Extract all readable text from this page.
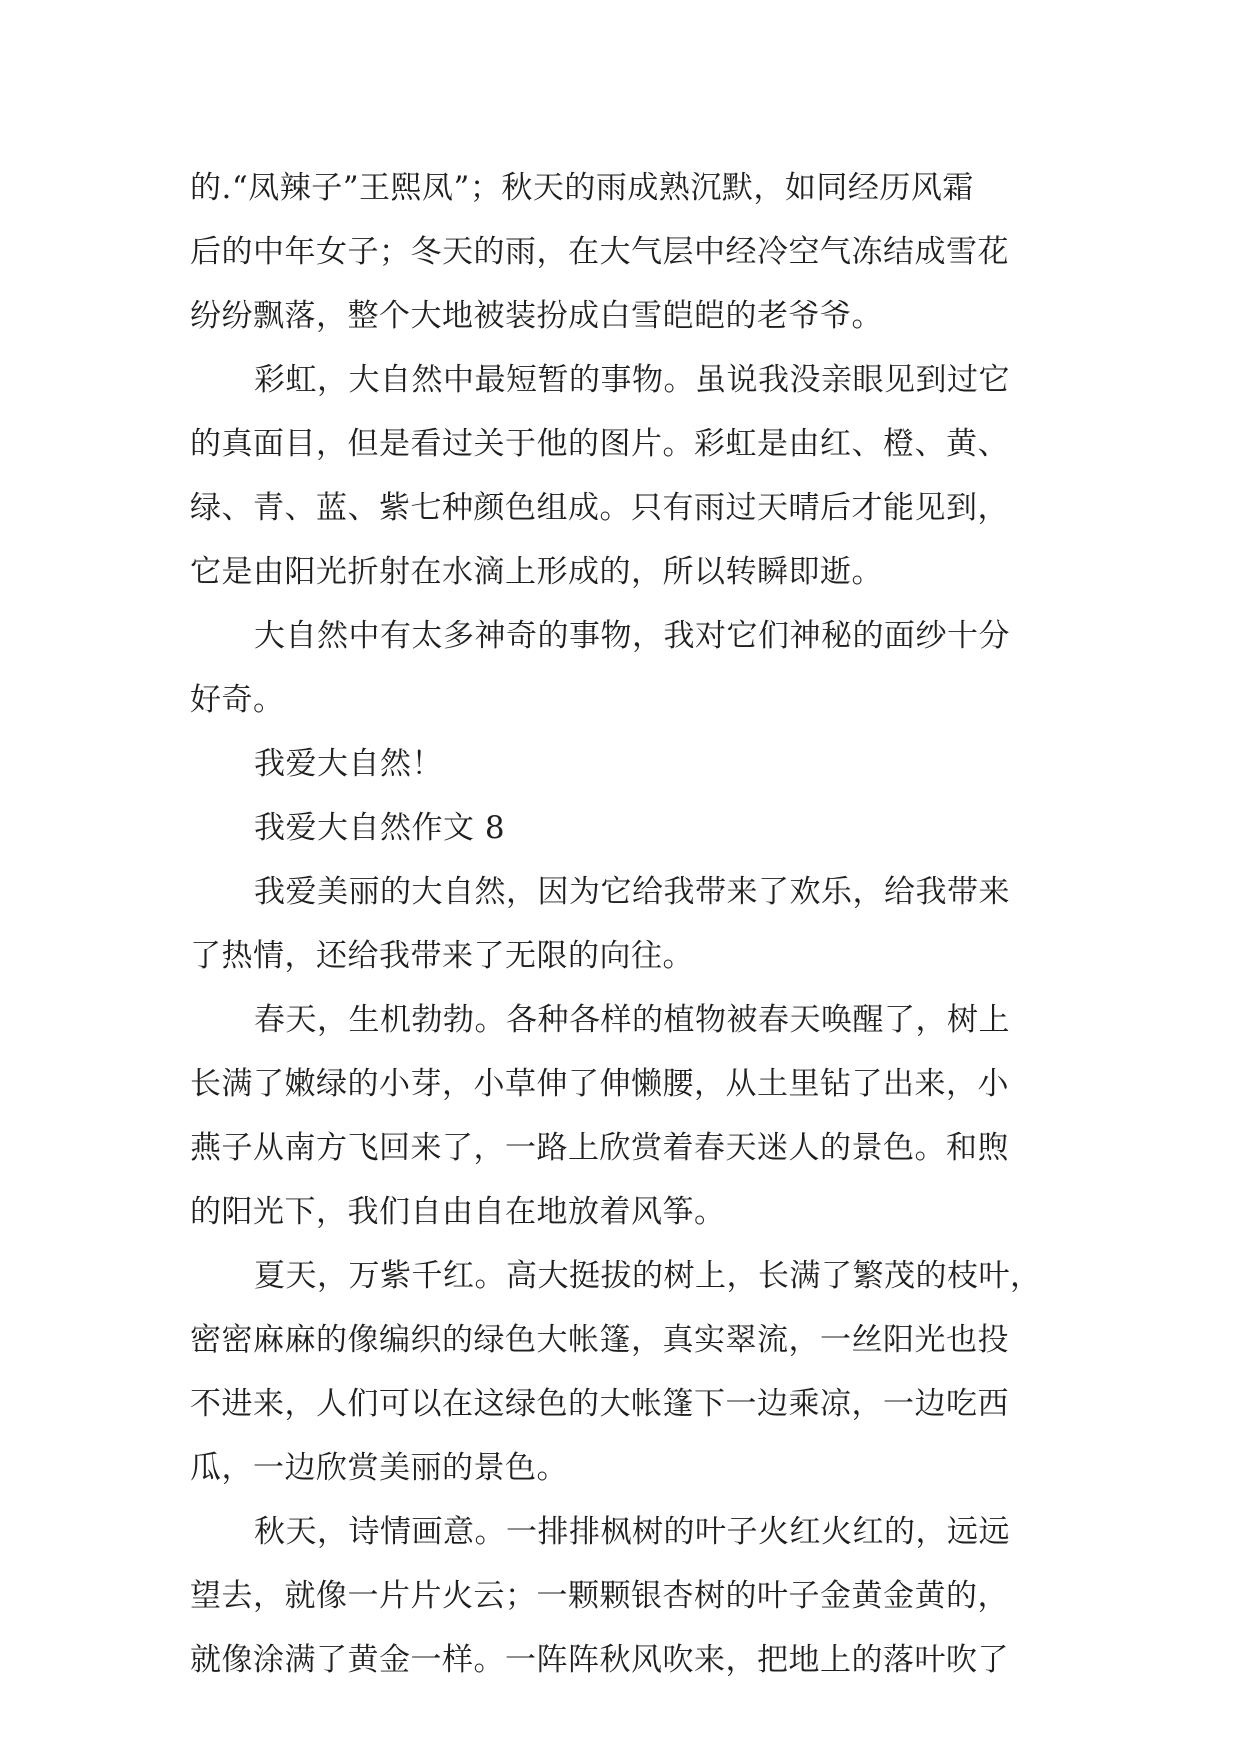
的.“凤辣子”王熙凤”；秋天的雨成熟沉默，如同经历风霜
后的中年女子；冬天的雨，在大气层中经冷空气冻结成雪花
纷纷飘落，整个大地被装扮成白雪皑皑的老爷爷。
彩虹，大自然中最短暂的事物。虽说我没亲眼见到过它
的真面目，但是看过关于他的图片。彩虹是由红、橙、黄、
绿、青、蓝、紫七种颜色组成。只有雨过天晴后才能见到，
它是由阳光折射在水滴上形成的，所以转瞬即逝。
大自然中有太多神奇的事物，我对它们神秘的面纱十分
好奇。
我爱大自然！
我爱大自然作文 8
我爱美丽的大自然，因为它给我带来了欢乐，给我带来
了热情，还给我带来了无限的向往。
春天，生机勃勃。各种各样的植物被春天唤醒了，树上
长满了嫩绿的小芽，小草伸了伸懒腰，从土里钻了出来，小
燕子从南方飞回来了，一路上欣赏着春天迷人的景色。和煦
的阳光下，我们自由自在地放着风筝。
夏天，万紫千红。高大挺拔的树上，长满了繁茂的枝叶，
密密麻麻的像编织的绿色大帐篷，真实翠流，一丝阳光也投
不进来，人们可以在这绿色的大帐篷下一边乘凉，一边吃西
瓜，一边欣赏美丽的景色。
秋天，诗情画意。一排排枫树的叶子火红火红的，远远
望去，就像一片片火云；一颗颗银杏树的叶子金黄金黄的，
就像涂满了黄金一样。一阵阵秋风吹来，把地上的落叶吹了
